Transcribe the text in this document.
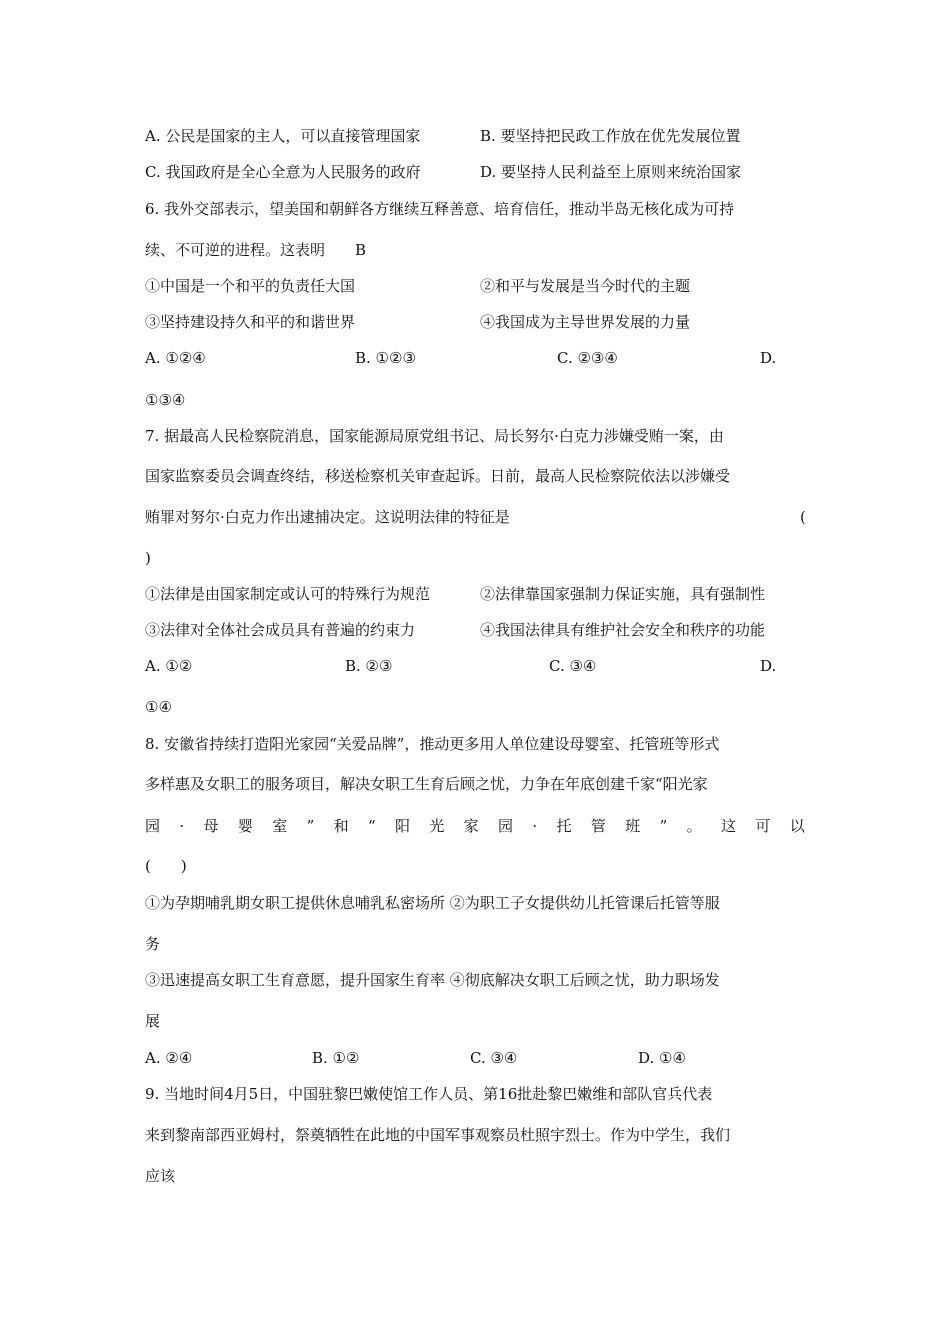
A. 公民是国家的主人，可以直接管理国家	B. 要坚持把民政工作放在优先发展位置
C. 我国政府是全心全意为人民服务的政府	D. 要坚持人民利益至上原则来统治国家
6. 我外交部表示，望美国和朝鲜各方继续互释善意、培育信任，推动半岛无核化成为可持
续、不可逆的进程。这表明　　B
①中国是一个和平的负责任大国	②和平与发展是当今时代的主题
③坚持建设持久和平的和谐世界	④我国成为主导世界发展的力量
A. ①②④	B. ①②③	C. ②③④	D.
①③④
7. 据最高人民检察院消息，国家能源局原党组书记、局长努尔·白克力涉嫌受贿一案，由
国家监察委员会调查终结，移送检察机关审查起诉。日前，最高人民检察院依法以涉嫌受
贿罪对努尔·白克力作出逮捕决定。这说明法律的特征是	(
)
①法律是由国家制定或认可的特殊行为规范	②法律靠国家强制力保证实施，具有强制性
③法律对全体社会成员具有普遍的约束力	④我国法律具有维护社会安全和秩序的功能
A. ①②	B. ②③	C. ③④	D.
①④
8. 安徽省持续打造阳光家园“关爱品牌”，推动更多用人单位建设母婴室、托管班等形式
多样惠及女职工的服务项目，解决女职工生育后顾之忧，力争在年底创建千家“阳光家
园 · 母 婴 室 ” 和 “ 阳 光 家 园 · 托 管 班 ” 。 这 可 以
(　　)
①为孕期哺乳期女职工提供休息哺乳私密场所 ②为职工子女提供幼儿托管课后托管等服
务
③迅速提高女职工生育意愿，提升国家生育率 ④彻底解决女职工后顾之忧，助力职场发
展
A. ②④	B. ①②	C. ③④	D. ①④
9. 当地时间4月5日，中国驻黎巴嫩使馆工作人员、第16批赴黎巴嫩维和部队官兵代表
来到黎南部西亚姆村，祭奠牺牲在此地的中国军事观察员杜照宇烈士。作为中学生，我们
应该
